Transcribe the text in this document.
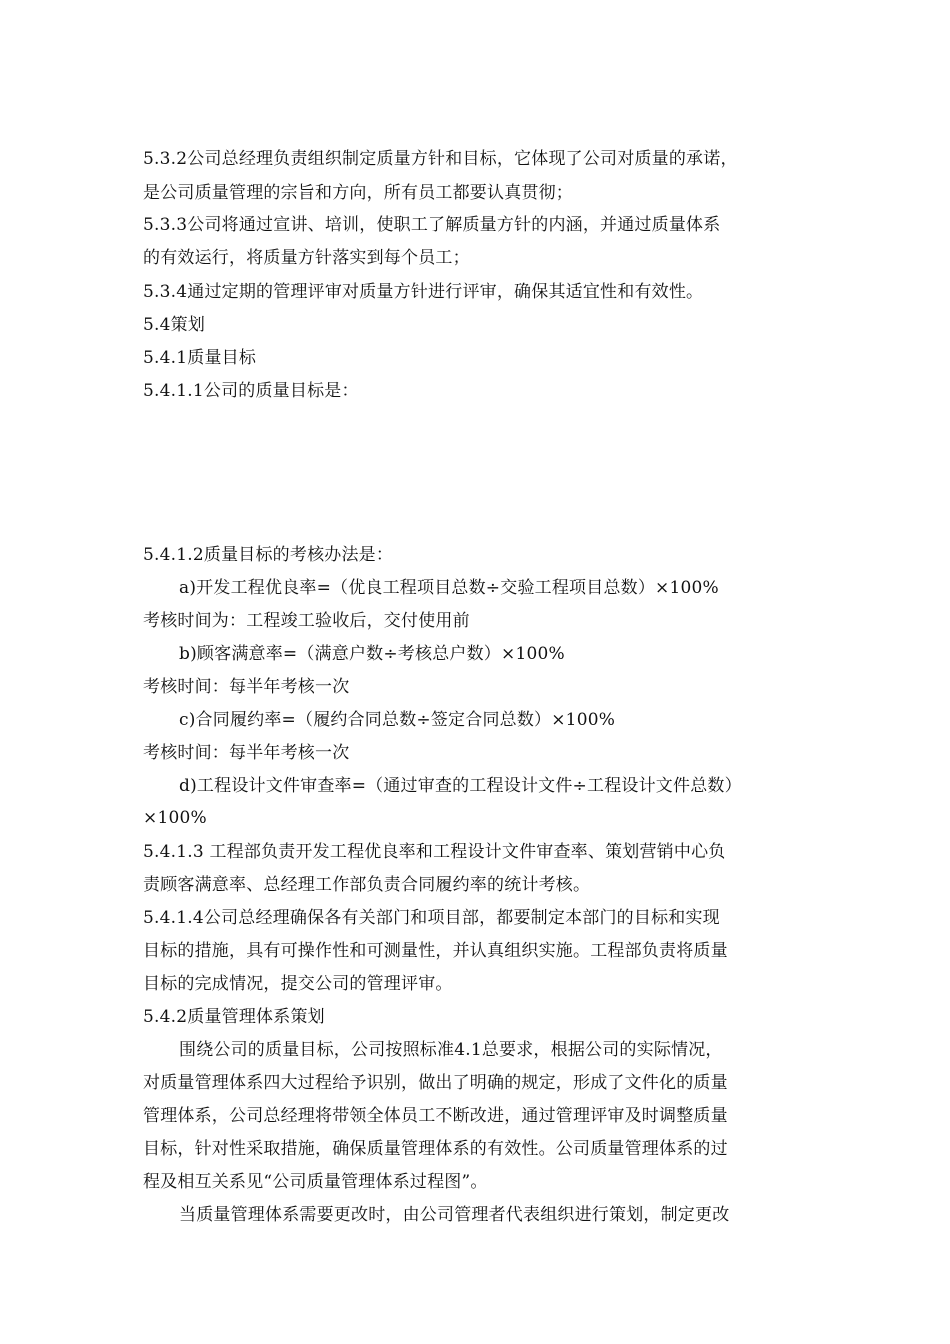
5.3.2公司总经理负责组织制定质量方针和目标，它体现了公司对质量的承诺，
是公司质量管理的宗旨和方向，所有员工都要认真贯彻；
5.3.3公司将通过宣讲、培训，使职工了解质量方针的内涵，并通过质量体系
的有效运行，将质量方针落实到每个员工；
5.3.4通过定期的管理评审对质量方针进行评审，确保其适宜性和有效性。
5.4策划
5.4.1质量目标
5.4.1.1公司的质量目标是：
5.4.1.2质量目标的考核办法是：
a)开发工程优良率=（优良工程项目总数÷交验工程项目总数）×100%
考核时间为：工程竣工验收后，交付使用前
b)顾客满意率=（满意户数÷考核总户数）×100%
考核时间：每半年考核一次
c)合同履约率=（履约合同总数÷签定合同总数）×100%
考核时间：每半年考核一次
d)工程设计文件审查率=（通过审查的工程设计文件÷工程设计文件总数）
×100%
5.4.1.3 工程部负责开发工程优良率和工程设计文件审查率、策划营销中心负
责顾客满意率、总经理工作部负责合同履约率的统计考核。
5.4.1.4公司总经理确保各有关部门和项目部，都要制定本部门的目标和实现
目标的措施，具有可操作性和可测量性，并认真组织实施。工程部负责将质量
目标的完成情况，提交公司的管理评审。
5.4.2质量管理体系策划
围绕公司的质量目标，公司按照标准4.1总要求，根据公司的实际情况，
对质量管理体系四大过程给予识别，做出了明确的规定，形成了文件化的质量
管理体系，公司总经理将带领全体员工不断改进，通过管理评审及时调整质量
目标，针对性采取措施，确保质量管理体系的有效性。公司质量管理体系的过
程及相互关系见“公司质量管理体系过程图”。
当质量管理体系需要更改时，由公司管理者代表组织进行策划，制定更改
